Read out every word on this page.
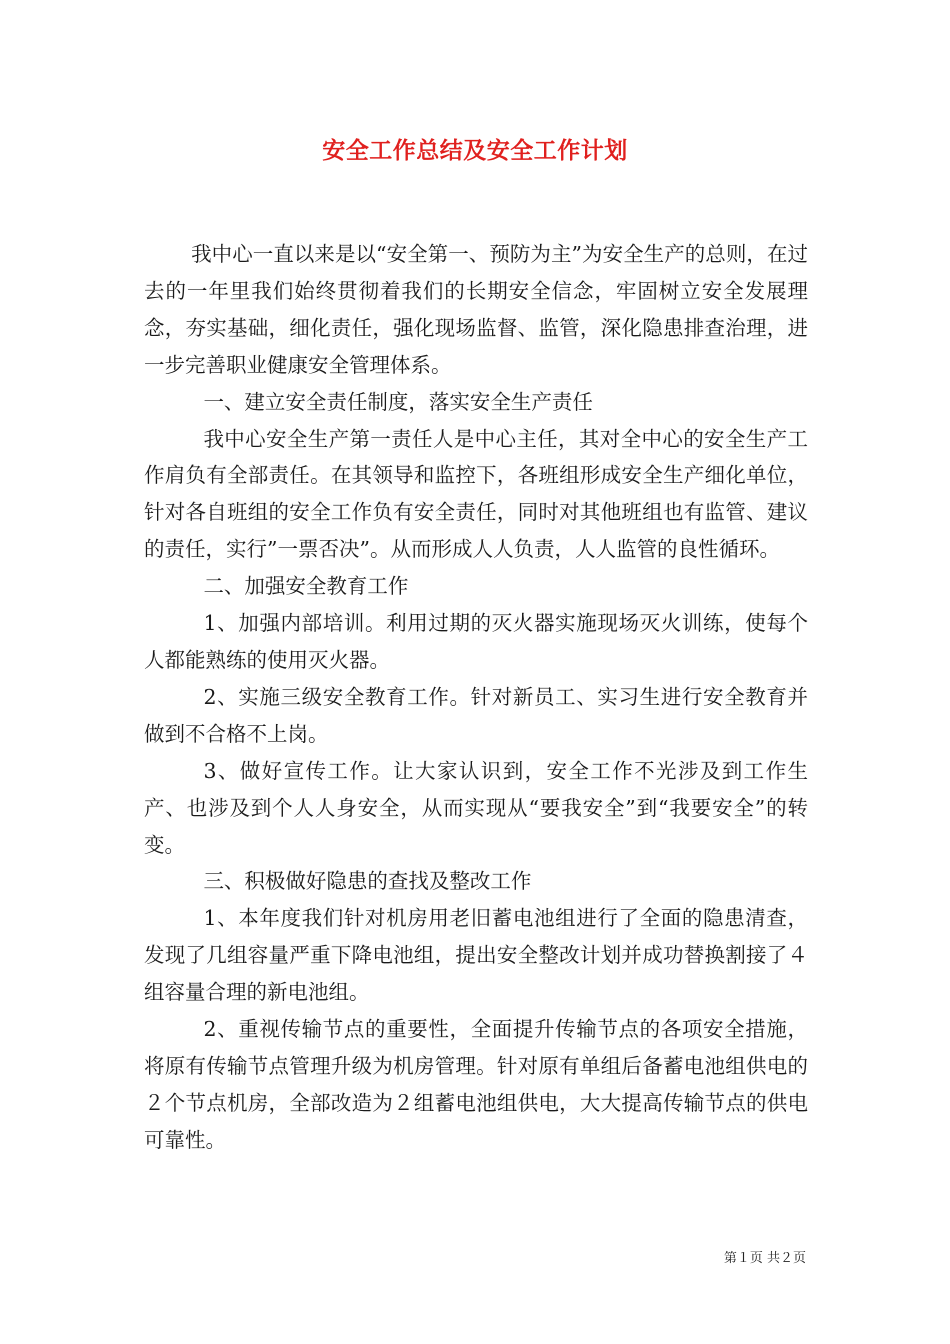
安全工作总结及安全工作计划

我中心一直以来是以“安全第一、预防为主”为安全生产的总则，在过去的一年里我们始终贯彻着我们的长期安全信念，牢固树立安全发展理念，夯实基础，细化责任，强化现场监督、监管，深化隐患排查治理，进一步完善职业健康安全管理体系。

一、建立安全责任制度，落实安全生产责任

我中心安全生产第一责任人是中心主任，其对全中心的安全生产工作肩负有全部责任。在其领导和监控下，各班组形成安全生产细化单位，针对各自班组的安全工作负有安全责任，同时对其他班组也有监管、建议的责任，实行”一票否决”。从而形成人人负责，人人监管的良性循环。

二、加强安全教育工作

1、加强内部培训。利用过期的灭火器实施现场灭火训练，使每个人都能熟练的使用灭火器。

2、实施三级安全教育工作。针对新员工、实习生进行安全教育并做到不合格不上岗。

3、做好宣传工作。让大家认识到，安全工作不光涉及到工作生产、也涉及到个人人身安全，从而实现从“要我安全”到“我要安全”的转变。

三、积极做好隐患的查找及整改工作

1、本年度我们针对机房用老旧蓄电池组进行了全面的隐患清查，发现了几组容量严重下降电池组，提出安全整改计划并成功替换割接了４组容量合理的新电池组。

2、重视传输节点的重要性，全面提升传输节点的各项安全措施，将原有传输节点管理升级为机房管理。针对原有单组后备蓄电池组供电的２个节点机房，全部改造为２组蓄电池组供电，大大提高传输节点的供电可靠性。

第１页 共２页
